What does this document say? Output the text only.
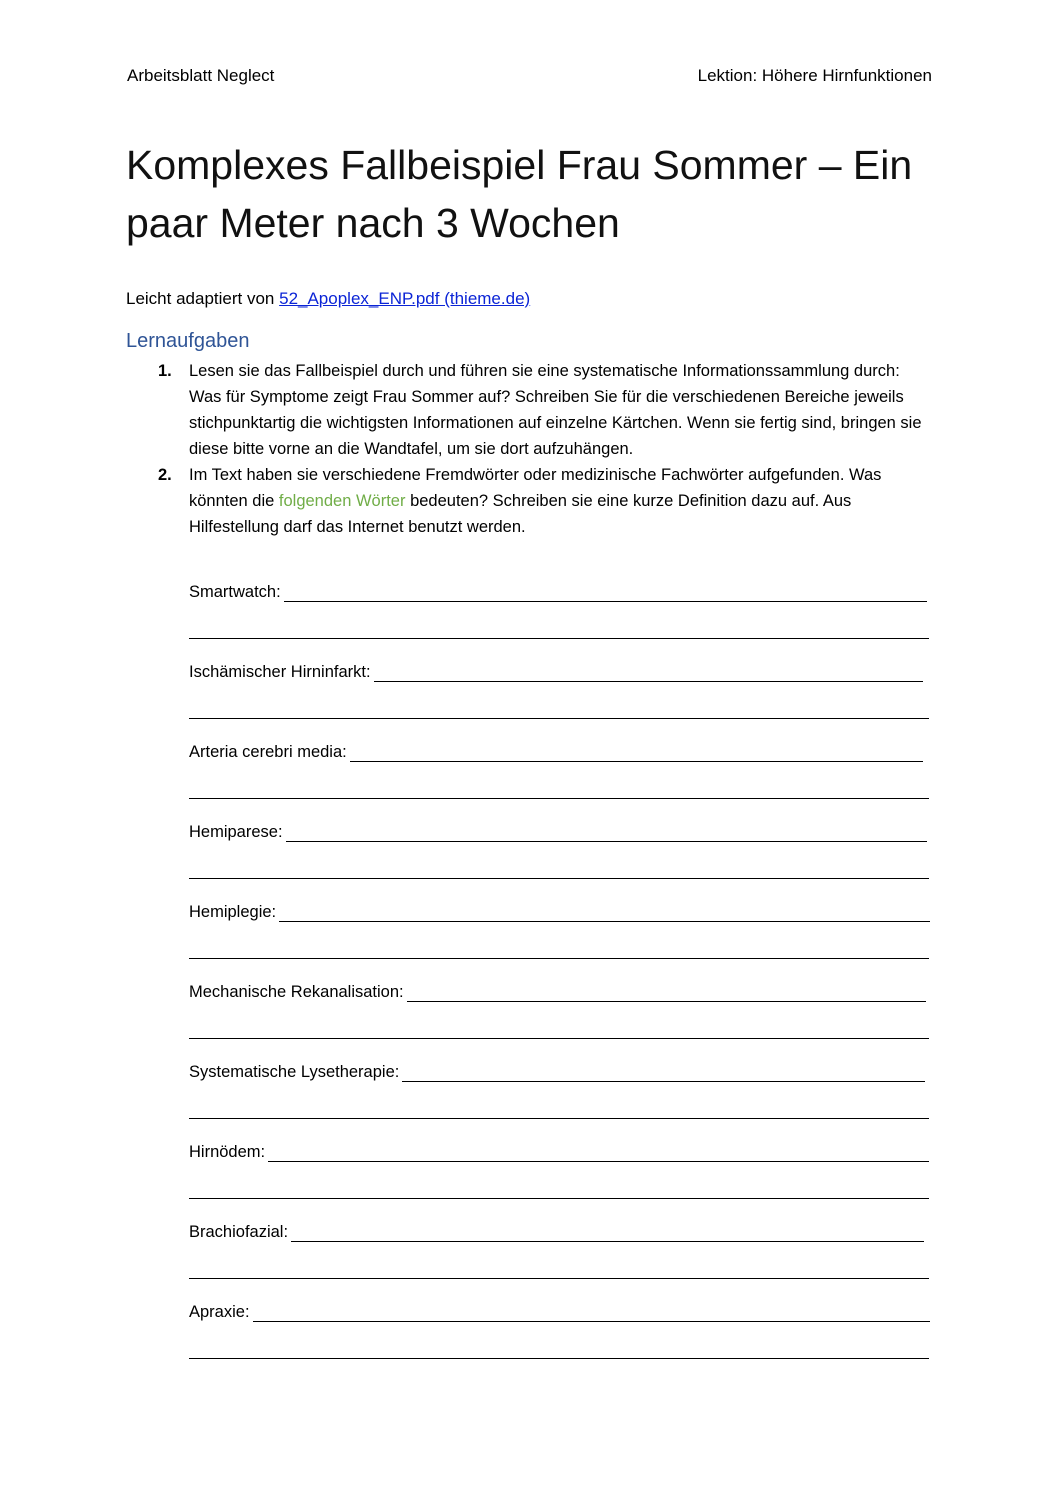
Arbeitsblatt Neglect	Lektion: Höhere Hirnfunktionen
Komplexes Fallbeispiel Frau Sommer – Ein paar Meter nach 3 Wochen
Leicht adaptiert von 52_Apoplex_ENP.pdf (thieme.de)
Lernaufgaben
1. Lesen sie das Fallbeispiel durch und führen sie eine systematische Informationssammlung durch: Was für Symptome zeigt Frau Sommer auf? Schreiben Sie für die verschiedenen Bereiche jeweils stichpunktartig die wichtigsten Informationen auf einzelne Kärtchen. Wenn sie fertig sind, bringen sie diese bitte vorne an die Wandtafel, um sie dort aufzuhängen.
2. Im Text haben sie verschiedene Fremdwörter oder medizinische Fachwörter aufgefunden. Was könnten die folgenden Wörter bedeuten? Schreiben sie eine kurze Definition dazu auf. Aus Hilfestellung darf das Internet benutzt werden.
Smartwatch:
Ischämischer Hirninfarkt:
Arteria cerebri media:
Hemiparese:
Hemiplegie:
Mechanische Rekanalisation:
Systematische Lysetherapie:
Hirnödem:
Brachiofazial:
Apraxie:
